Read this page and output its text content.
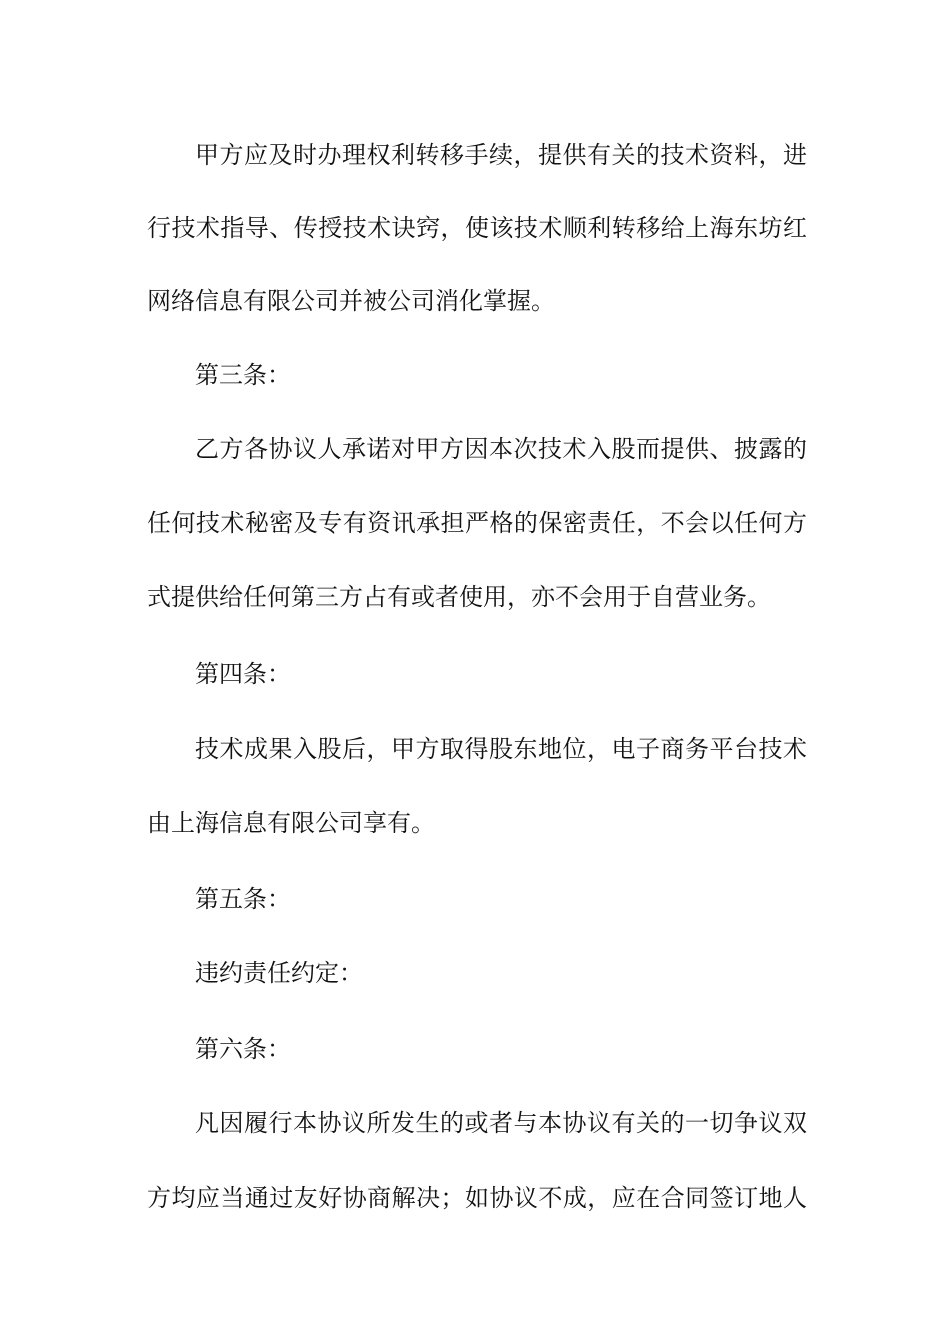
甲方应及时办理权利转移手续，提供有关的技术资料，进
行技术指导、传授技术诀窍，使该技术顺利转移给上海东坊红
网络信息有限公司并被公司消化掌握。
第三条：
乙方各协议人承诺对甲方因本次技术入股而提供、披露的
任何技术秘密及专有资讯承担严格的保密责任，不会以任何方
式提供给任何第三方占有或者使用，亦不会用于自营业务。
第四条：
技术成果入股后，甲方取得股东地位，电子商务平台技术
由上海信息有限公司享有。
第五条：
违约责任约定：
第六条：
凡因履行本协议所发生的或者与本协议有关的一切争议双
方均应当通过友好协商解决；如协议不成，应在合同签订地人
